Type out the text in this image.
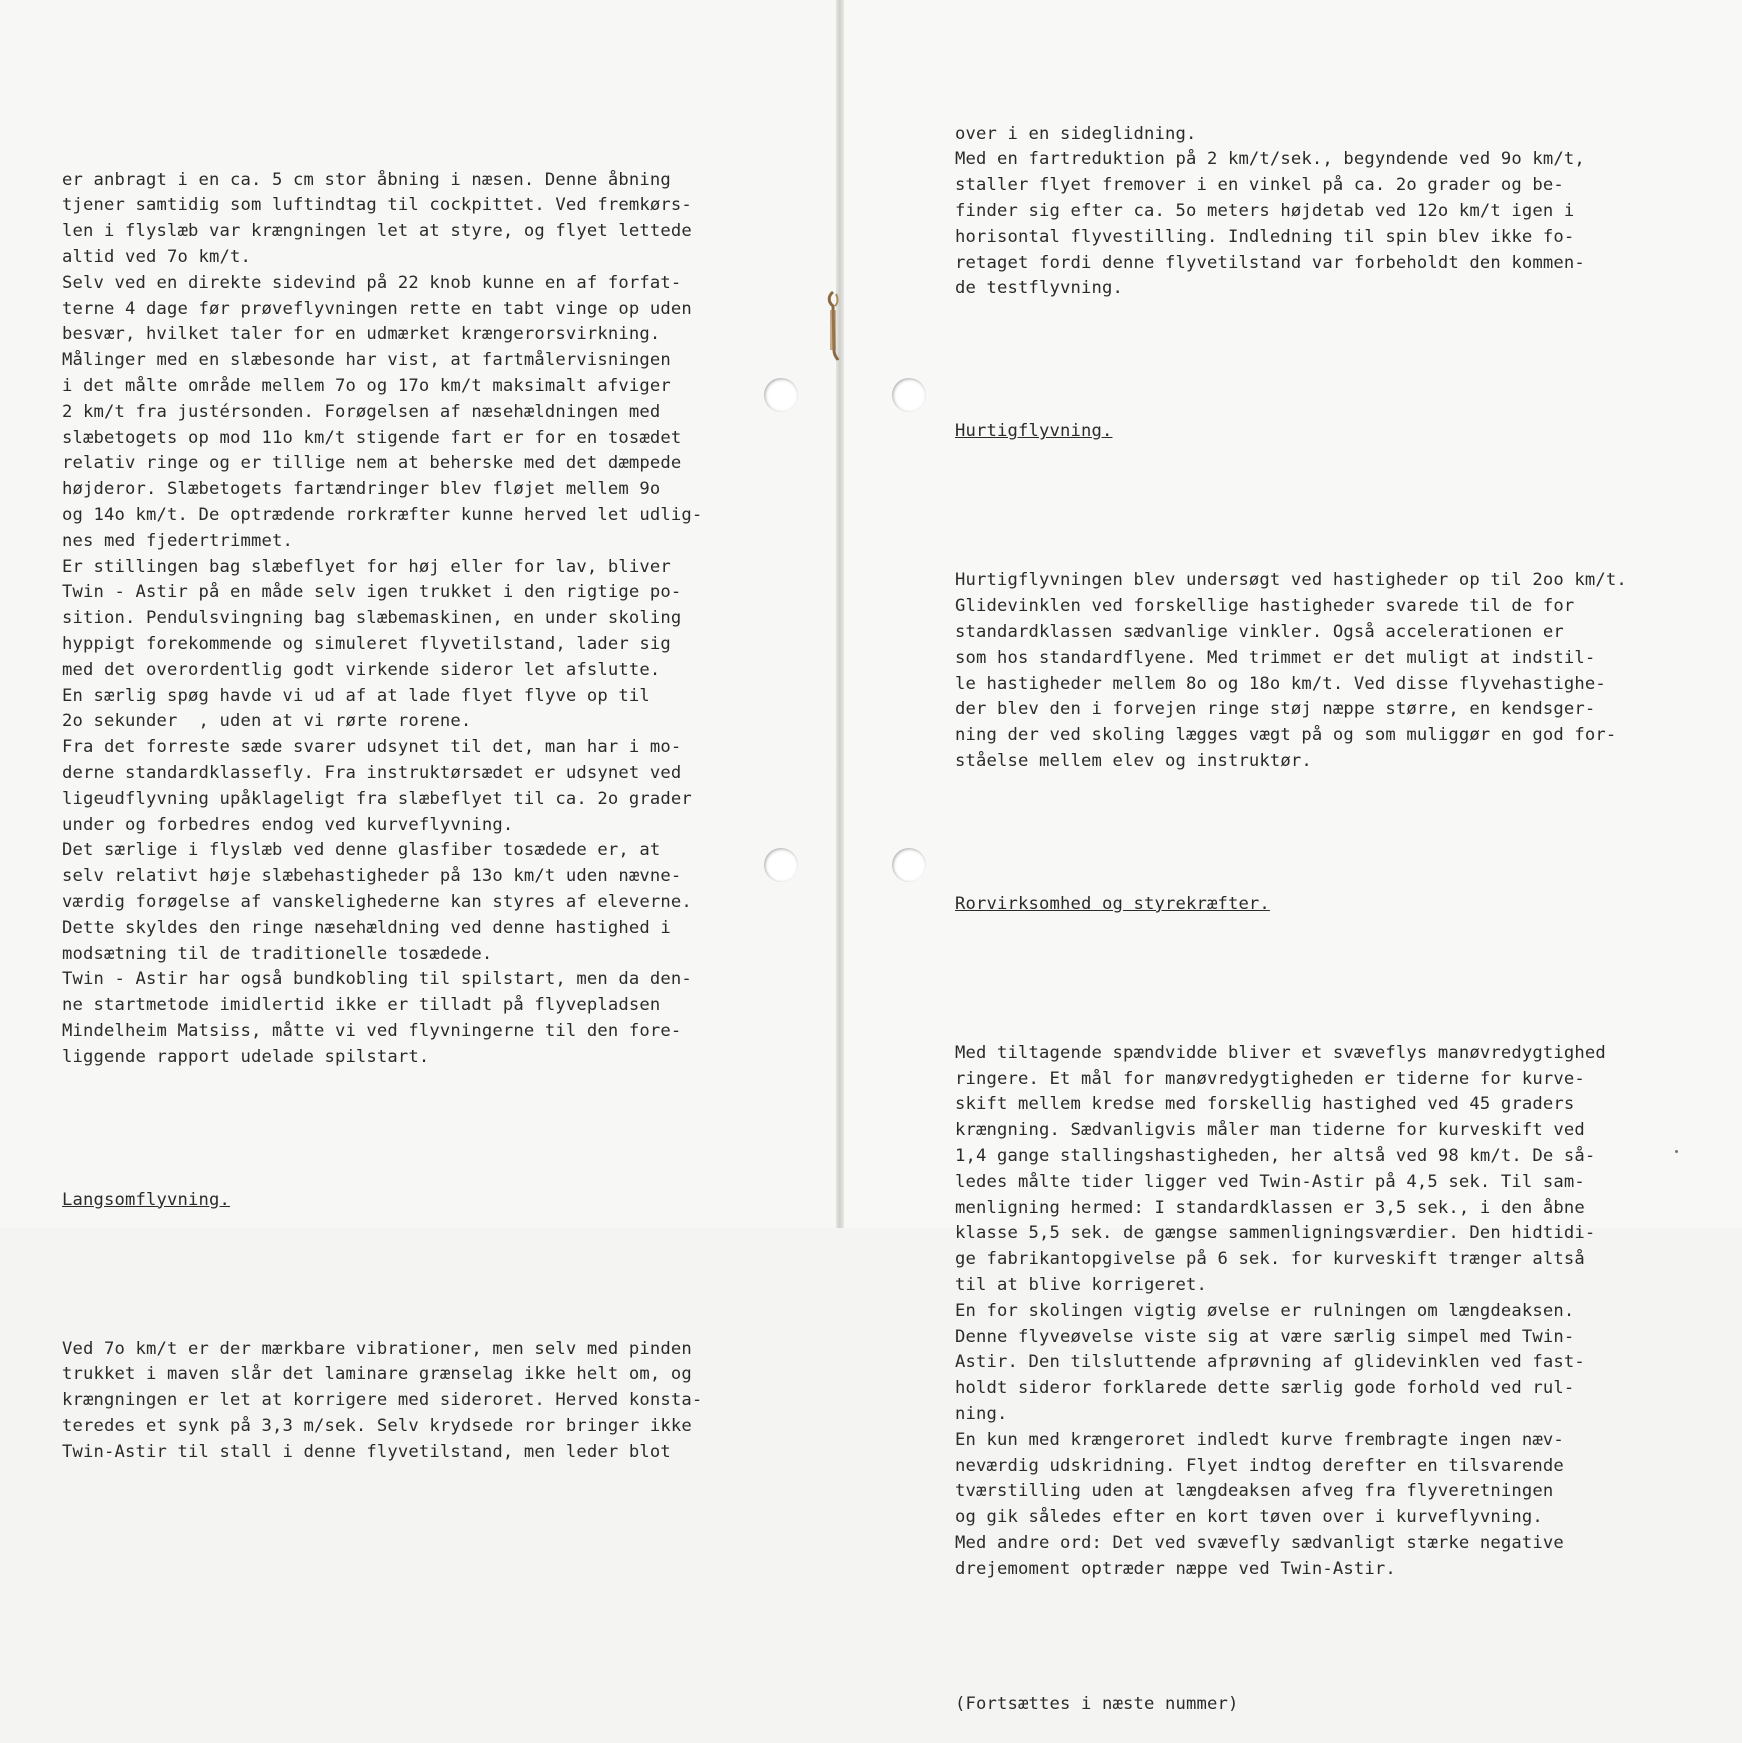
er anbragt i en ca. 5 cm stor åbning i næsen. Denne åbning
tjener samtidig som luftindtag til cockpittet. Ved fremkørs-
len i flyslæb var krængningen let at styre, og flyet lettede
altid ved 7o km/t.
Selv ved en direkte sidevind på 22 knob kunne en af forfat-
terne 4 dage før prøveflyvningen rette en tabt vinge op uden
besvær, hvilket taler for en udmærket krængerorsvirkning.
Målinger med en slæbesonde har vist, at fartmålervisningen
i det målte område mellem 7o og 17o km/t maksimalt afviger
2 km/t fra justérsonden. Forøgelsen af næsehældningen med
slæbetogets op mod 11o km/t stigende fart er for en tosædet
relativ ringe og er tillige nem at beherske med det dæmpede
højderor. Slæbetogets fartændringer blev fløjet mellem 9o
og 14o km/t. De optrædende rorkræfter kunne herved let udlig-
nes med fjedertrimmet.
Er stillingen bag slæbeflyet for høj eller for lav, bliver
Twin - Astir på en måde selv igen trukket i den rigtige po-
sition. Pendulsvingning bag slæbemaskinen, en under skoling
hyppigt forekommende og simuleret flyvetilstand, lader sig
med det overordentlig godt virkende sideror let afslutte.
En særlig spøg havde vi ud af at lade flyet flyve op til
2o sekunder  , uden at vi rørte rorene.
Fra det forreste sæde svarer udsynet til det, man har i mo-
derne standardklassefly. Fra instruktørsædet er udsynet ved
ligeudflyvning upåklageligt fra slæbeflyet til ca. 2o grader
under og forbedres endog ved kurveflyvning.
Det særlige i flyslæb ved denne glasfiber tosædede er, at
selv relativt høje slæbehastigheder på 13o km/t uden nævne-
værdig forøgelse af vanskelighederne kan styres af eleverne.
Dette skyldes den ringe næsehældning ved denne hastighed i
modsætning til de traditionelle tosædede.
Twin - Astir har også bundkobling til spilstart, men da den-
ne startmetode imidlertid ikke er tilladt på flyvepladsen
Mindelheim Matsiss, måtte vi ved flyvningerne til den fore-
liggende rapport udelade spilstart.

Langsomflyvning.

Ved 7o km/t er der mærkbare vibrationer, men selv med pinden
trukket i maven slår det laminare grænselag ikke helt om, og
krængningen er let at korrigere med sideroret. Herved konsta-
teredes et synk på 3,3 m/sek. Selv krydsede ror bringer ikke
Twin-Astir til stall i denne flyvetilstand, men leder blot

over i en sideglidning.
Med en fartreduktion på 2 km/t/sek., begyndende ved 9o km/t,
staller flyet fremover i en vinkel på ca. 2o grader og be-
finder sig efter ca. 5o meters højdetab ved 12o km/t igen i
horisontal flyvestilling. Indledning til spin blev ikke fo-
retaget fordi denne flyvetilstand var forbeholdt den kommen-
de testflyvning.

Hurtigflyvning.

Hurtigflyvningen blev undersøgt ved hastigheder op til 2oo km/t.
Glidevinklen ved forskellige hastigheder svarede til de for
standardklassen sædvanlige vinkler. Også accelerationen er
som hos standardflyene. Med trimmet er det muligt at indstil-
le hastigheder mellem 8o og 18o km/t. Ved disse flyvehastighe-
der blev den i forvejen ringe støj næppe større, en kendsger-
ning der ved skoling lægges vægt på og som muliggør en god for-
ståelse mellem elev og instruktør.

Rorvirksomhed og styrekræfter.

Med tiltagende spændvidde bliver et svæveflys manøvredygtighed
ringere. Et mål for manøvredygtigheden er tiderne for kurve-
skift mellem kredse med forskellig hastighed ved 45 graders
krængning. Sædvanligvis måler man tiderne for kurveskift ved
1,4 gange stallingshastigheden, her altså ved 98 km/t. De så-
ledes målte tider ligger ved Twin-Astir på 4,5 sek. Til sam-
menligning hermed: I standardklassen er 3,5 sek., i den åbne
klasse 5,5 sek. de gængse sammenligningsværdier. Den hidtidi-
ge fabrikantopgivelse på 6 sek. for kurveskift trænger altså
til at blive korrigeret.
En for skolingen vigtig øvelse er rulningen om længdeaksen.
Denne flyveøvelse viste sig at være særlig simpel med Twin-
Astir. Den tilsluttende afprøvning af glidevinklen ved fast-
holdt sideror forklarede dette særlig gode forhold ved rul-
ning.
En kun med krængeroret indledt kurve frembragte ingen næv-
neværdig udskridning. Flyet indtog derefter en tilsvarende
tværstilling uden at længdeaksen afveg fra flyveretningen
og gik således efter en kort tøven over i kurveflyvning.
Med andre ord: Det ved svævefly sædvanligt stærke negative
drejemoment optræder næppe ved Twin-Astir.

(Fortsættes i næste nummer)
